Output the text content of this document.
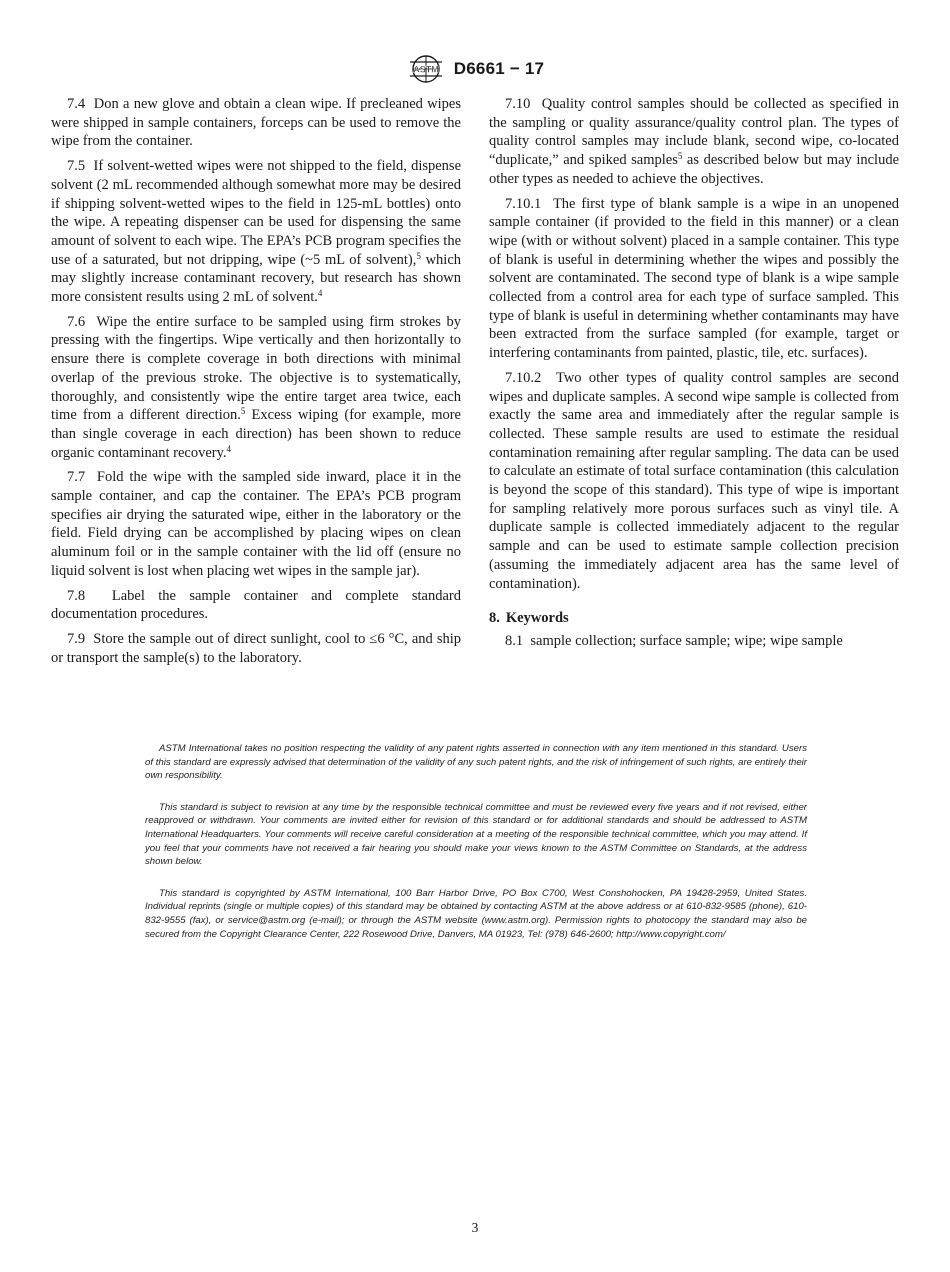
ASTM D6661 − 17

7.4 Don a new glove and obtain a clean wipe. If precleaned wipes were shipped in sample containers, forceps can be used to remove the wipe from the container.

7.5 If solvent-wetted wipes were not shipped to the field, dispense solvent (2 mL recommended although somewhat more may be desired if shipping solvent-wetted wipes to the field in 125-mL bottles) onto the wipe. A repeating dispenser can be used for dispensing the same amount of solvent to each wipe. The EPA’s PCB program specifies the use of a saturated, but not dripping, wipe (~5 mL of solvent),$^5$ which may slightly increase contaminant recovery, but research has shown more consistent results using 2 mL of solvent.$^4$

7.6 Wipe the entire surface to be sampled using firm strokes by pressing with the fingertips. Wipe vertically and then horizontally to ensure there is complete coverage in both directions with minimal overlap of the previous stroke. The objective is to systematically, thoroughly, and consistently wipe the entire target area twice, each time from a different direction.$^5$ Excess wiping (for example, more than single coverage in each direction) has been shown to reduce organic contaminant recovery.$^4$

7.7 Fold the wipe with the sampled side inward, place it in the sample container, and cap the container. The EPA’s PCB program specifies air drying the saturated wipe, either in the laboratory or the field. Field drying can be accomplished by placing wipes on clean aluminum foil or in the sample container with the lid off (ensure no liquid solvent is lost when placing wet wipes in the sample jar).

7.8 Label the sample container and complete standard documentation procedures.

7.9 Store the sample out of direct sunlight, cool to ≤6 °C, and ship or transport the sample(s) to the laboratory.

7.10 Quality control samples should be collected as specified in the sampling or quality assurance/quality control plan. The types of quality control samples may include blank, second wipe, co-located “duplicate,” and spiked samples$^5$ as described below but may include other types as needed to achieve the objectives.

7.10.1 The first type of blank sample is a wipe in an unopened sample container (if provided to the field in this manner) or a clean wipe (with or without solvent) placed in a sample container. This type of blank is useful in determining whether the wipes and possibly the solvent are contaminated. The second type of blank is a wipe sample collected from a control area for each type of surface sampled. This type of blank is useful in determining whether contaminants may have been extracted from the surface sampled (for example, target or interfering contaminants from painted, plastic, tile, etc. surfaces).

7.10.2 Two other types of quality control samples are second wipes and duplicate samples. A second wipe sample is collected from exactly the same area and immediately after the regular sample is collected. These sample results are used to estimate the residual contamination remaining after regular sampling. The data can be used to calculate an estimate of total surface contamination (this calculation is beyond the scope of this standard). This type of wipe is important for sampling relatively more porous surfaces such as vinyl tile. A duplicate sample is collected immediately adjacent to the regular sample and can be used to estimate sample collection precision (assuming the immediately adjacent area has the same level of contamination).

8. Keywords

8.1 sample collection; surface sample; wipe; wipe sample

ASTM International takes no position respecting the validity of any patent rights asserted in connection with any item mentioned in this standard. Users of this standard are expressly advised that determination of the validity of any such patent rights, and the risk of infringement of such rights, are entirely their own responsibility.

This standard is subject to revision at any time by the responsible technical committee and must be reviewed every five years and if not revised, either reapproved or withdrawn. Your comments are invited either for revision of this standard or for additional standards and should be addressed to ASTM International Headquarters. Your comments will receive careful consideration at a meeting of the responsible technical committee, which you may attend. If you feel that your comments have not received a fair hearing you should make your views known to the ASTM Committee on Standards, at the address shown below.

This standard is copyrighted by ASTM International, 100 Barr Harbor Drive, PO Box C700, West Conshohocken, PA 19428-2959, United States. Individual reprints (single or multiple copies) of this standard may be obtained by contacting ASTM at the above address or at 610-832-9585 (phone), 610-832-9555 (fax), or service@astm.org (e-mail); or through the ASTM website (www.astm.org). Permission rights to photocopy the standard may also be secured from the Copyright Clearance Center, 222 Rosewood Drive, Danvers, MA 01923, Tel: (978) 646-2600; http://www.copyright.com/

3
